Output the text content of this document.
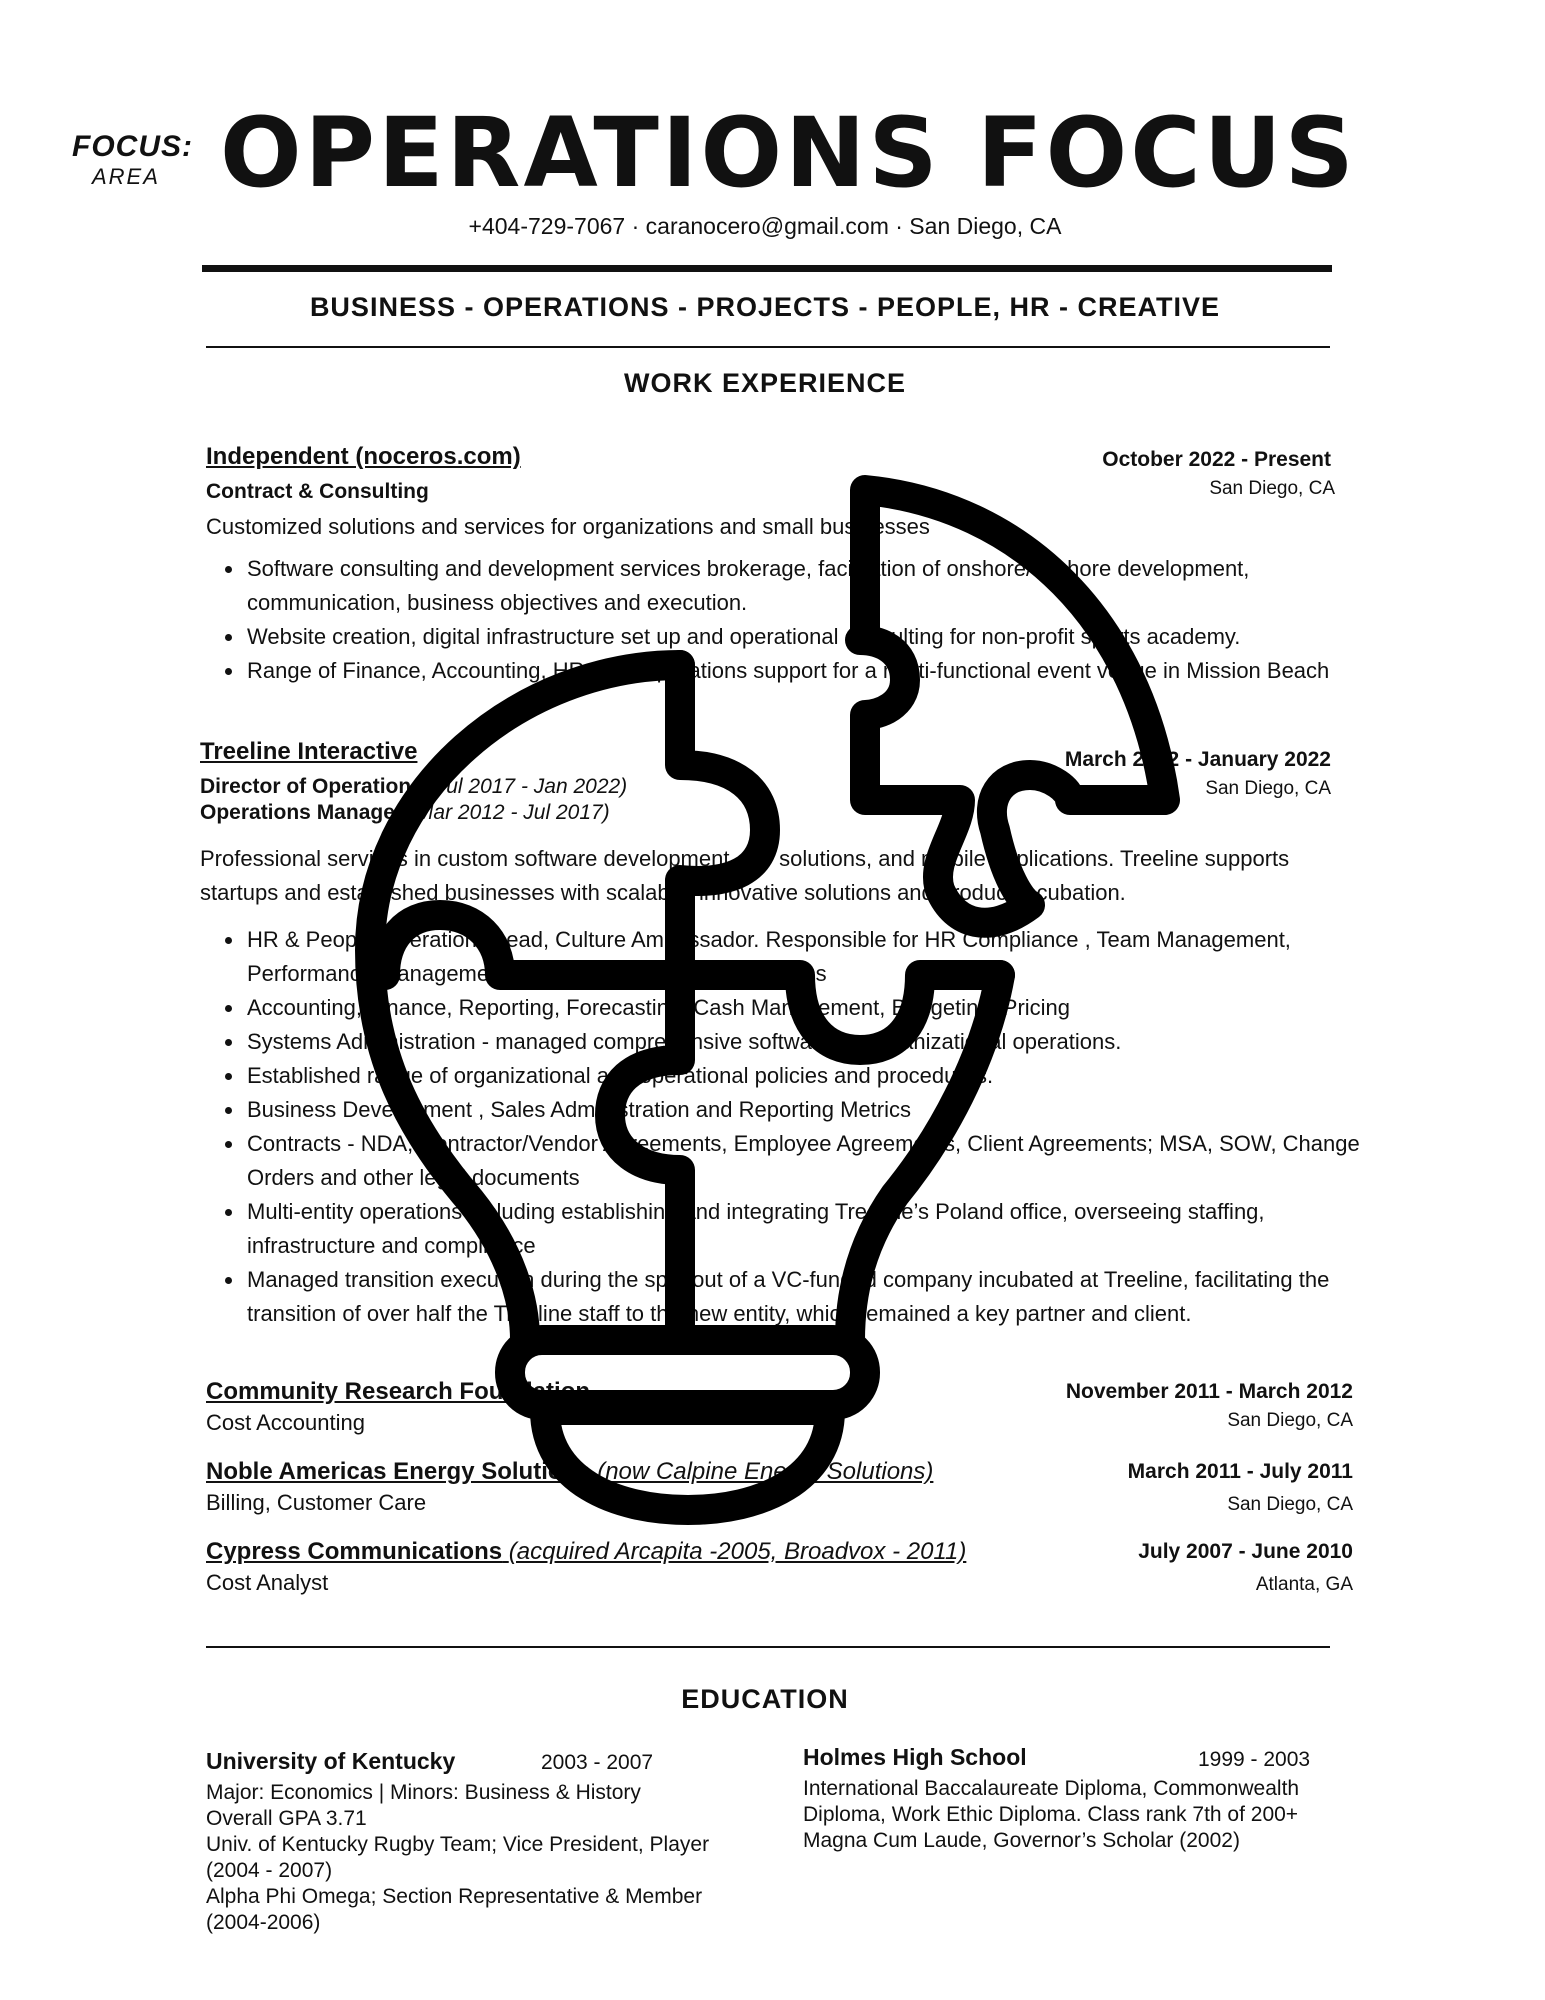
FOCUS:
AREA OPERATIONS FOCUS
+404-729-7067 · caranocero@gmail.com · San Diego, CA
BUSINESS - OPERATIONS - PROJECTS - PEOPLE, HR - CREATIVE
WORK EXPERIENCE
Independent (noceros.com)
Contract & Consulting
October 2022 - Present
San Diego, CA
Customized solutions and services for organizations and small businesses
• Software consulting and development services brokerage, facilitation of onshore/offshore development, communication, business objectives and execution.
• Website creation, digital infrastructure set up and operational consulting for non-profit sports academy.
• Range of Finance, Accounting, HR, and Operations support for a multi-functional event venue in Mission Beach
Treeline Interactive
Director of Operations (Jul 2017 - Jan 2022)
Operations Manager (Mar 2012 - Jul 2017)
March 2012 - January 2022
San Diego, CA
Professional services in custom software development, IoT solutions, and mobile applications. Treeline supports startups and established businesses with scalable, innovative solutions and product incubation.
• HR & People Operations Lead, Culture Ambassador. Responsible for HR Compliance , Team Management, Performance Management, Benefits, Policies & Procedures
• Accounting, Finance, Reporting, Forecasting, Cash Management, Budgeting, Pricing
• Systems Administration - managed comprehensive software for organizational operations.
• Established range of organizational and operational policies and procedures.
• Business Development , Sales Administration and Reporting Metrics
• Contracts - NDA, Contractor/Vendor Agreements, Employee Agreements, Client Agreements; MSA, SOW, Change Orders and other legal documents
• Multi-entity operations including establishing and integrating Treeline’s Poland office, overseeing staffing, infrastructure and compliance
• Managed transition execution during the spin-out of a VC-funded company incubated at Treeline, facilitating the transition of over half the Treeline staff to the new entity, which remained a key partner and client.
Community Research Foundation
Cost Accounting
November 2011 - March 2012
San Diego, CA
Noble Americas Energy Solutions (now Calpine Energy Solutions)
Billing, Customer Care
March 2011 - July 2011
San Diego, CA
Cypress Communications (acquired Arcapita -2005, Broadvox - 2011)
Cost Analyst
July 2007 - June 2010
Atlanta, GA
EDUCATION
University of Kentucky	2003 - 2007
Major: Economics | Minors: Business & History
Overall GPA 3.71
Univ. of Kentucky Rugby Team; Vice President, Player (2004 - 2007)
Alpha Phi Omega; Section Representative & Member (2004-2006)
Holmes High School	1999 - 2003
International Baccalaureate Diploma, Commonwealth Diploma, Work Ethic Diploma. Class rank 7th of 200+
Magna Cum Laude, Governor’s Scholar (2002)
